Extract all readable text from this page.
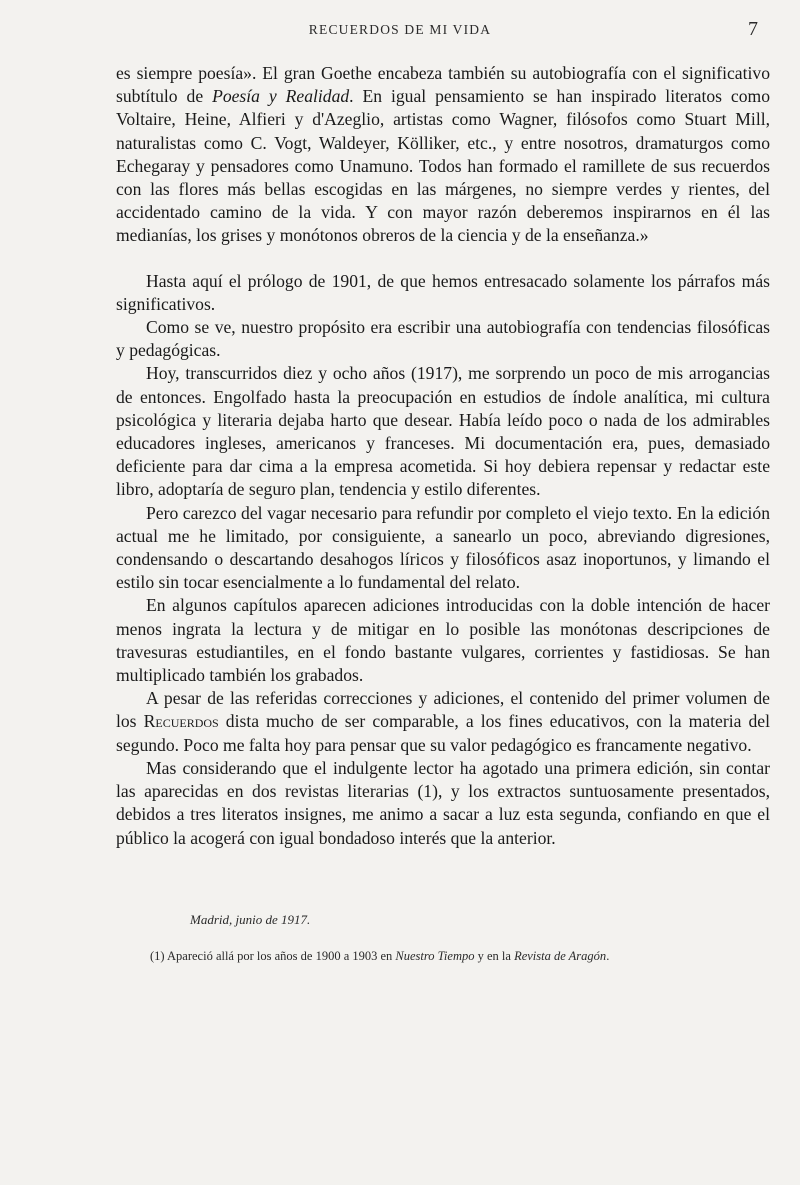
RECUERDOS DE MI VIDA	7

es siempre poesía». El gran Goethe encabeza también su autobiografía con el significativo subtítulo de Poesía y Realidad. En igual pensamiento se han inspirado literatos como Voltaire, Heine, Alfieri y d'Azeglio, artistas como Wagner, filósofos como Stuart Mill, naturalistas como C. Vogt, Waldeyer, Kölliker, etc., y entre nosotros, dramaturgos como Echegaray y pensadores como Unamuno. Todos han formado el ramillete de sus recuerdos con las flores más bellas escogidas en las márgenes, no siempre verdes y rientes, del accidentado camino de la vida. Y con mayor razón deberemos inspirarnos en él las medianías, los grises y monótonos obreros de la ciencia y de la enseñanza.»

Hasta aquí el prólogo de 1901, de que hemos entresacado solamente los párrafos más significativos.

Como se ve, nuestro propósito era escribir una autobiografía con tendencias filosóficas y pedagógicas.

Hoy, transcurridos diez y ocho años (1917), me sorprendo un poco de mis arrogancias de entonces. Engolfado hasta la preocupación en estudios de índole analítica, mi cultura psicológica y literaria dejaba harto que desear. Había leído poco o nada de los admirables educadores ingleses, americanos y franceses. Mi documentación era, pues, demasiado deficiente para dar cima a la empresa acometida. Si hoy debiera repensar y redactar este libro, adoptaría de seguro plan, tendencia y estilo diferentes.

Pero carezco del vagar necesario para refundir por completo el viejo texto. En la edición actual me he limitado, por consiguiente, a sanearlo un poco, abreviando digresiones, condensando o descartando desahogos líricos y filosóficos asaz inoportunos, y limando el estilo sin tocar esencialmente a lo fundamental del relato.

En algunos capítulos aparecen adiciones introducidas con la doble intención de hacer menos ingrata la lectura y de mitigar en lo posible las monótonas descripciones de travesuras estudiantiles, en el fondo bastante vulgares, corrientes y fastidiosas. Se han multiplicado también los grabados.

A pesar de las referidas correcciones y adiciones, el contenido del primer volumen de los Recuerdos dista mucho de ser comparable, a los fines educativos, con la materia del segundo. Poco me falta hoy para pensar que su valor pedagógico es francamente negativo.

Mas considerando que el indulgente lector ha agotado una primera edición, sin contar las aparecidas en dos revistas literarias (1), y los extractos suntuosamente presentados, debidos a tres literatos insignes, me animo a sacar a luz esta segunda, confiando en que el público la acogerá con igual bondadoso interés que la anterior.

Madrid, junio de 1917.
(1) Apareció allá por los años de 1900 a 1903 en Nuestro Tiempo y en la Revista de Aragón.
